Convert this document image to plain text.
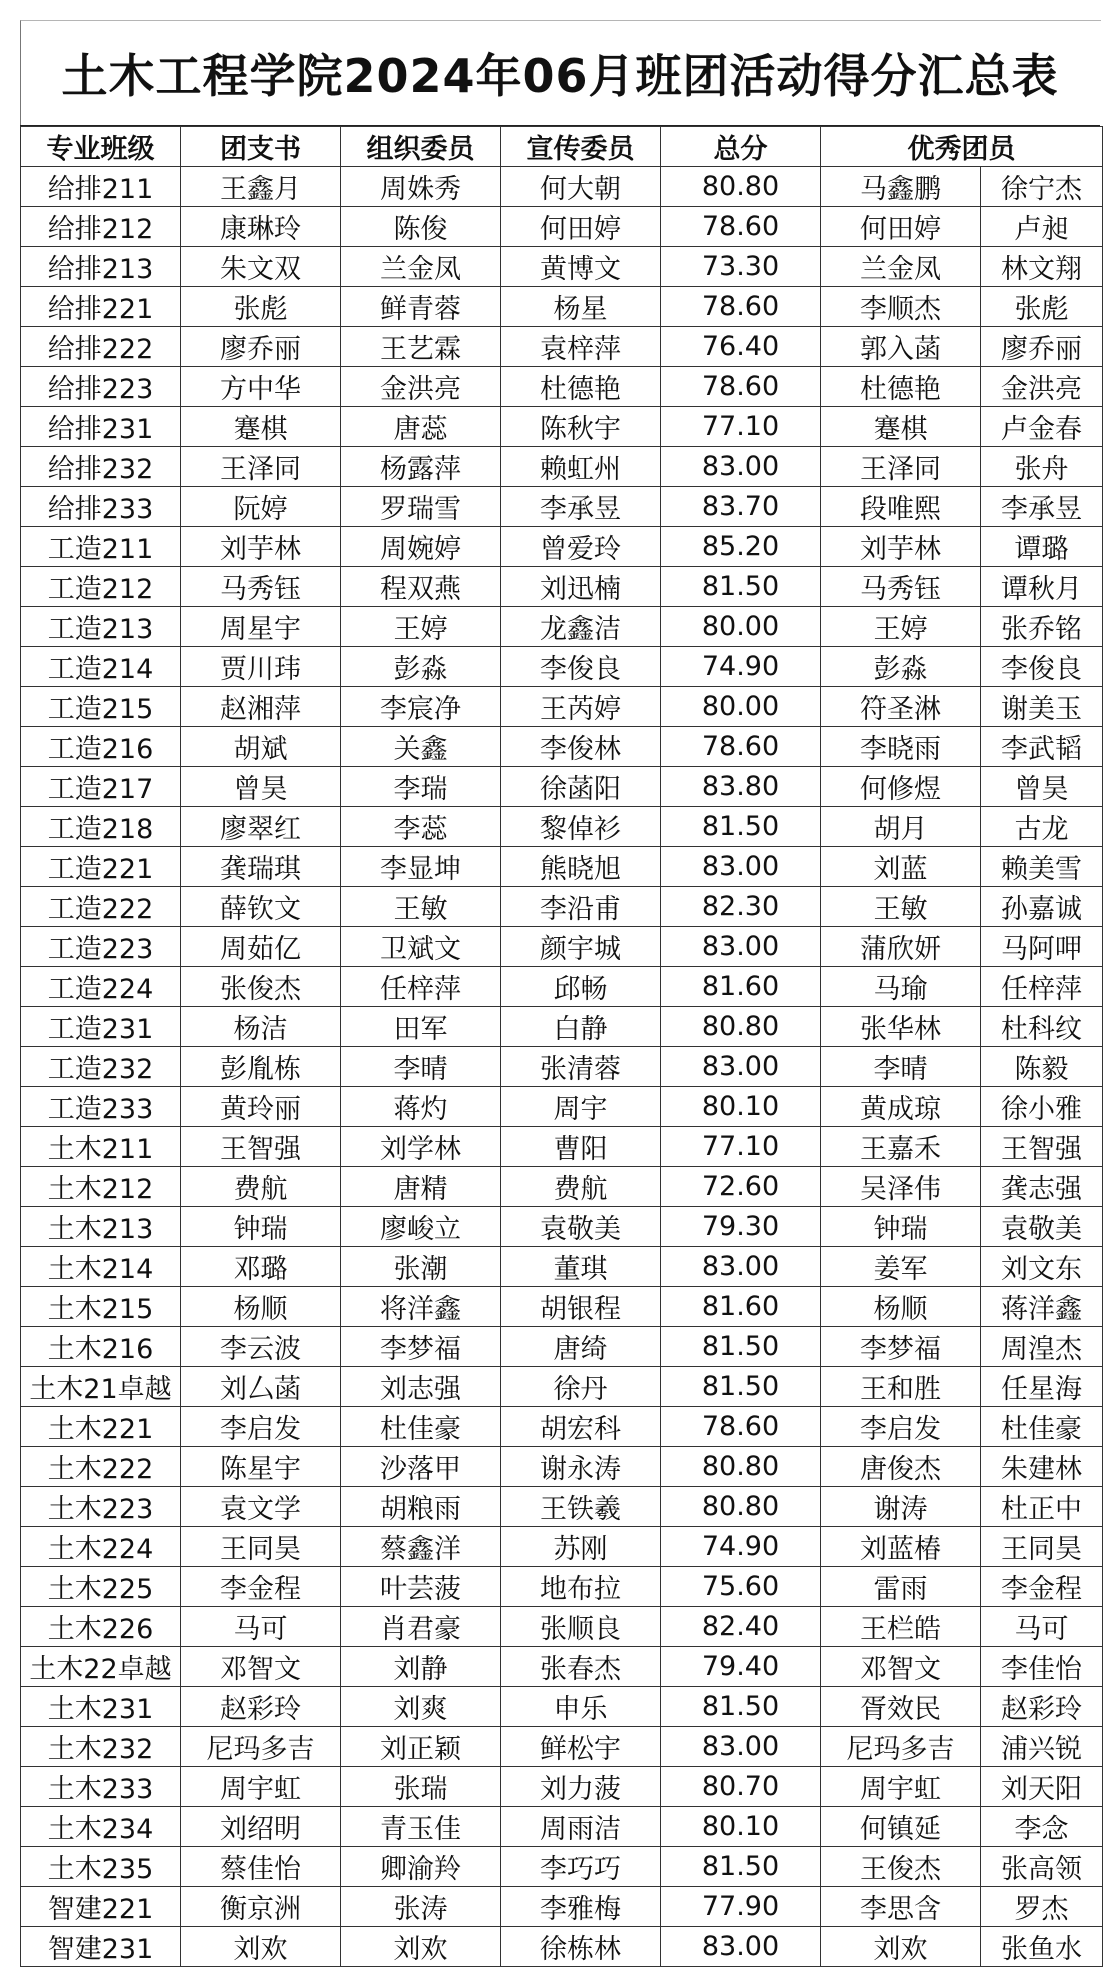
土木工程学院2024年06月班团活动得分汇总表
专业班级	团支书	组织委员	宣传委员	总分	优秀团员	
给排211	王鑫月	周姝秀	何大朝	80.80	马鑫鹏	徐宁杰
给排212	康琳玲	陈俊	何田婷	78.60	何田婷	卢昶
给排213	朱文双	兰金凤	黄博文	73.30	兰金凤	林文翔
给排221	张彪	鲜青蓉	杨星	78.60	李顺杰	张彪
给排222	廖乔丽	王艺霖	袁梓萍	76.40	郭入菡	廖乔丽
给排223	方中华	金洪亮	杜德艳	78.60	杜德艳	金洪亮
给排231	蹇棋	唐蕊	陈秋宇	77.10	蹇棋	卢金春
给排232	王泽同	杨露萍	赖虹州	83.00	王泽同	张舟
给排233	阮婷	罗瑞雪	李承昱	83.70	段唯熙	李承昱
工造211	刘芋林	周婉婷	曾爱玲	85.20	刘芋林	谭璐
工造212	马秀钰	程双燕	刘迅楠	81.50	马秀钰	谭秋月
工造213	周星宇	王婷	龙鑫洁	80.00	王婷	张乔铭
工造214	贾川玮	彭淼	李俊良	74.90	彭淼	李俊良
工造215	赵湘萍	李宸净	王芮婷	80.00	符圣淋	谢美玉
工造216	胡斌	关鑫	李俊林	78.60	李晓雨	李武韬
工造217	曾昊	李瑞	徐菡阳	83.80	何修煜	曾昊
工造218	廖翠红	李蕊	黎倬衫	81.50	胡月	古龙
工造221	龚瑞琪	李显坤	熊晓旭	83.00	刘蓝	赖美雪
工造222	薛钦文	王敏	李沿甫	82.30	王敏	孙嘉诚
工造223	周茹亿	卫斌文	颜宇城	83.00	蒲欣妍	马阿呷
工造224	张俊杰	任梓萍	邱畅	81.60	马瑜	任梓萍
工造231	杨洁	田军	白静	80.80	张华林	杜科纹
工造232	彭胤栋	李晴	张清蓉	83.00	李晴	陈毅
工造233	黄玲丽	蒋灼	周宇	80.10	黄成琼	徐小雅
土木211	王智强	刘学林	曹阳	77.10	王嘉禾	王智强
土木212	费航	唐精	费航	72.60	吴泽伟	龚志强
土木213	钟瑞	廖峻立	袁敬美	79.30	钟瑞	袁敬美
土木214	邓璐	张潮	董琪	83.00	姜军	刘文东
土木215	杨顺	将洋鑫	胡银程	81.60	杨顺	蒋洋鑫
土木216	李云波	李梦福	唐绮	81.50	李梦福	周湟杰
土木21卓越	刘厶菡	刘志强	徐丹	81.50	王和胜	任星海
土木221	李启发	杜佳豪	胡宏科	78.60	李启发	杜佳豪
土木222	陈星宇	沙落甲	谢永涛	80.80	唐俊杰	朱建林
土木223	袁文学	胡粮雨	王铁羲	80.80	谢涛	杜正中
土木224	王同昊	蔡鑫洋	苏刚	74.90	刘蓝椿	王同昊
土木225	李金程	叶芸菠	地布拉	75.60	雷雨	李金程
土木226	马可	肖君豪	张顺良	82.40	王栏皓	马可
土木22卓越	邓智文	刘静	张春杰	79.40	邓智文	李佳怡
土木231	赵彩玲	刘爽	申乐	81.50	胥效民	赵彩玲
土木232	尼玛多吉	刘正颖	鲜松宇	83.00	尼玛多吉	浦兴锐
土木233	周宇虹	张瑞	刘力菠	80.70	周宇虹	刘天阳
土木234	刘绍明	青玉佳	周雨洁	80.10	何镇延	李念
土木235	蔡佳怡	卿渝羚	李巧巧	81.50	王俊杰	张高领
智建221	衡京洲	张涛	李雅梅	77.90	李思含	罗杰
智建231	刘欢	刘欢	徐栋林	83.00	刘欢	张鱼水
